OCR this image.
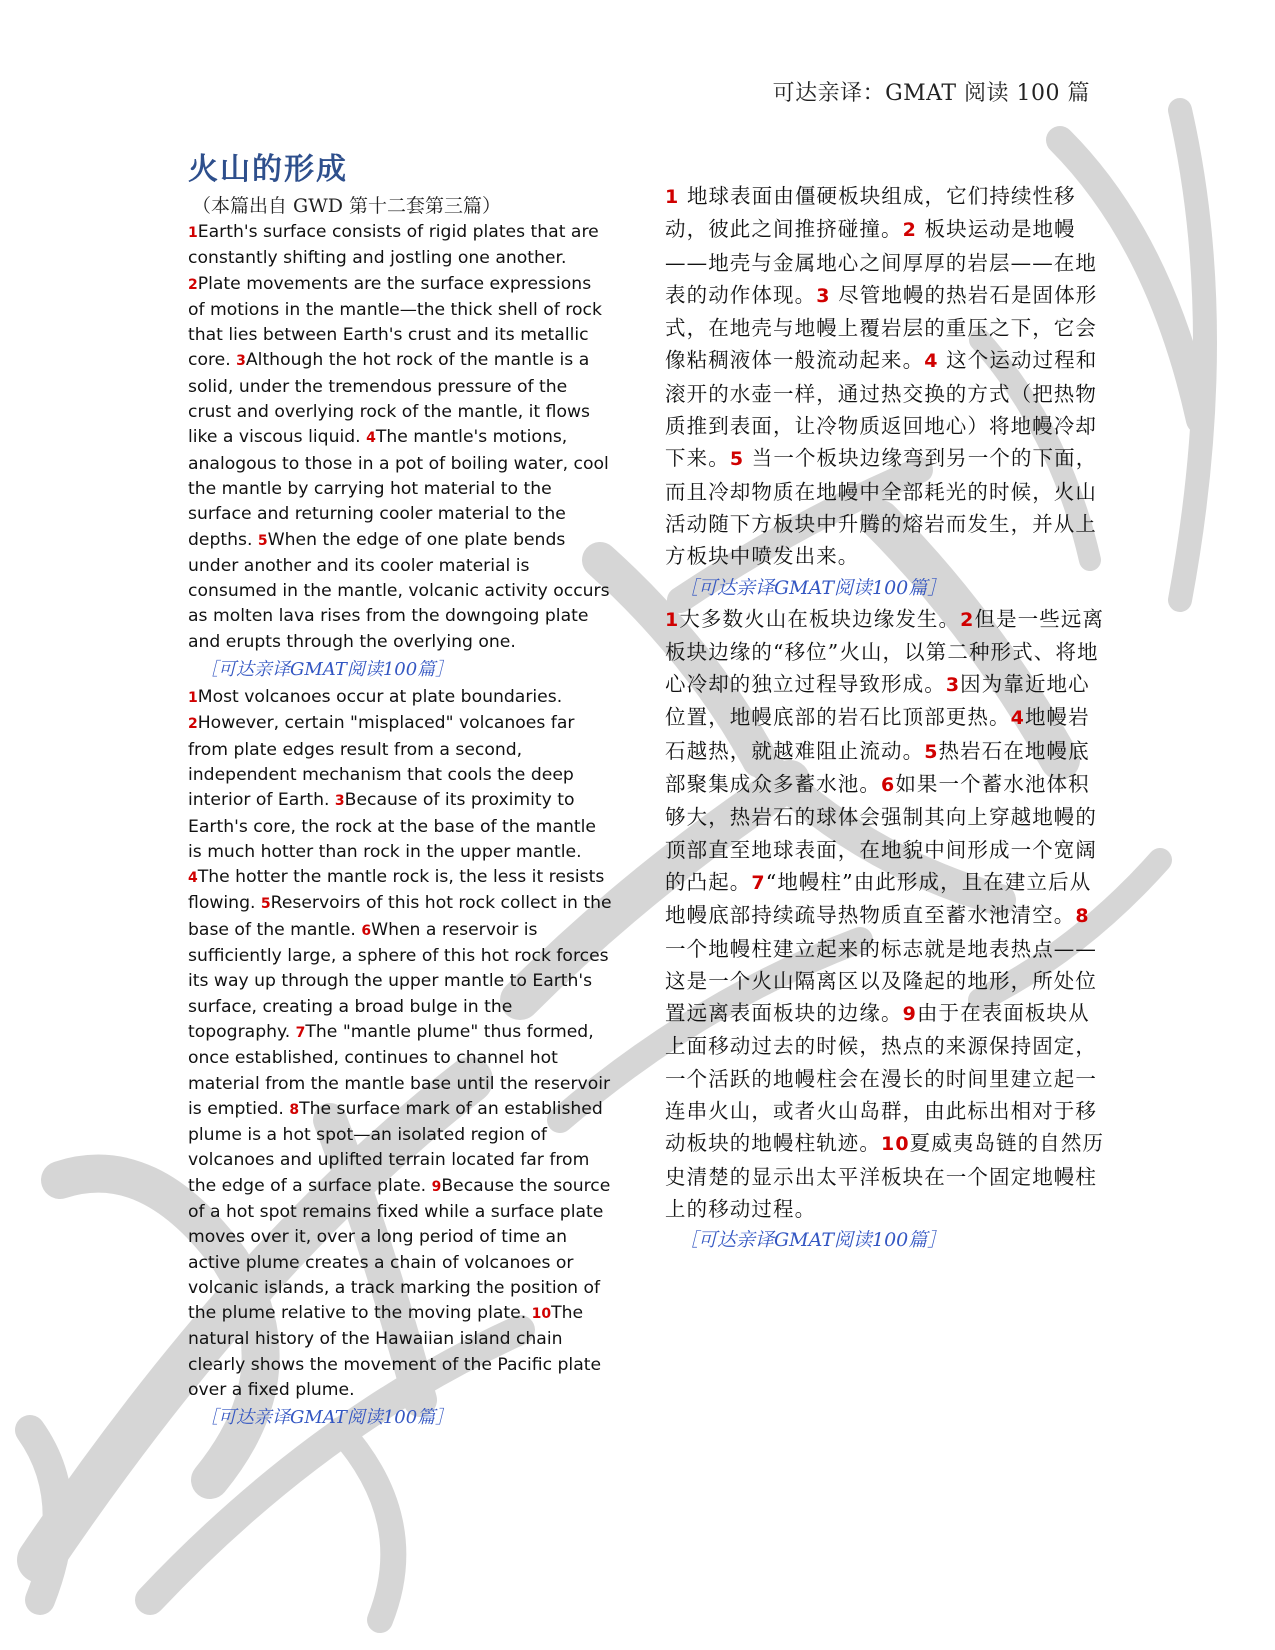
可达亲译：GMAT 阅读 100 篇
火山的形成
（本篇出自 GWD 第十二套第三篇）

1Earth's surface consists of rigid plates that are constantly shifting and jostling one another. 2Plate movements are the surface expressions of motions in the mantle—the thick shell of rock that lies between Earth's crust and its metallic core. 3Although the hot rock of the mantle is a solid, under the tremendous pressure of the crust and overlying rock of the mantle, it flows like a viscous liquid. 4The mantle's motions, analogous to those in a pot of boiling water, cool the mantle by carrying hot material to the surface and returning cooler material to the depths. 5When the edge of one plate bends under another and its cooler material is consumed in the mantle, volcanic activity occurs as molten lava rises from the downgoing plate and erupts through the overlying one.

［可达亲译GMAT阅读100篇］

1Most volcanoes occur at plate boundaries. 2However, certain "misplaced" volcanoes far from plate edges result from a second, independent mechanism that cools the deep interior of Earth. 3Because of its proximity to Earth's core, the rock at the base of the mantle is much hotter than rock in the upper mantle. 4The hotter the mantle rock is, the less it resists flowing. 5Reservoirs of this hot rock collect in the base of the mantle. 6When a reservoir is sufficiently large, a sphere of this hot rock forces its way up through the upper mantle to Earth's surface, creating a broad bulge in the topography. 7The "mantle plume" thus formed, once established, continues to channel hot material from the mantle base until the reservoir is emptied. 8The surface mark of an established plume is a hot spot—an isolated region of volcanoes and uplifted terrain located far from the edge of a surface plate. 9Because the source of a hot spot remains fixed while a surface plate moves over it, over a long period of time an active plume creates a chain of volcanoes or volcanic islands, a track marking the position of the plume relative to the moving plate. 10The natural history of the Hawaiian island chain clearly shows the movement of the Pacific plate over a fixed plume.

［可达亲译GMAT阅读100篇］

1 地球表面由僵硬板块组成，它们持续性移动，彼此之间推挤碰撞。2 板块运动是地幔——地壳与金属地心之间厚厚的岩层——在地表的动作体现。3 尽管地幔的热岩石是固体形式，在地壳与地幔上覆岩层的重压之下，它会像粘稠液体一般流动起来。4 这个运动过程和滚开的水壶一样，通过热交换的方式（把热物质推到表面，让冷物质返回地心）将地幔冷却下来。5 当一个板块边缘弯到另一个的下面，而且冷却物质在地幔中全部耗光的时候，火山活动随下方板块中升腾的熔岩而发生，并从上方板块中喷发出来。

［可达亲译GMAT阅读100篇］

1大多数火山在板块边缘发生。2但是一些远离板块边缘的“移位”火山，以第二种形式、将地心冷却的独立过程导致形成。3因为靠近地心位置，地幔底部的岩石比顶部更热。4地幔岩石越热，就越难阻止流动。5热岩石在地幔底部聚集成众多蓄水池。6如果一个蓄水池体积够大，热岩石的球体会强制其向上穿越地幔的顶部直至地球表面，在地貌中间形成一个宽阔的凸起。7“地幔柱”由此形成，且在建立后从地幔底部持续疏导热物质直至蓄水池清空。8一个地幔柱建立起来的标志就是地表热点——这是一个火山隔离区以及隆起的地形，所处位置远离表面板块的边缘。9由于在表面板块从上面移动过去的时候，热点的来源保持固定，一个活跃的地幔柱会在漫长的时间里建立起一连串火山，或者火山岛群，由此标出相对于移动板块的地幔柱轨迹。10夏威夷岛链的自然历史清楚的显示出太平洋板块在一个固定地幔柱上的移动过程。

［可达亲译GMAT阅读100篇］
